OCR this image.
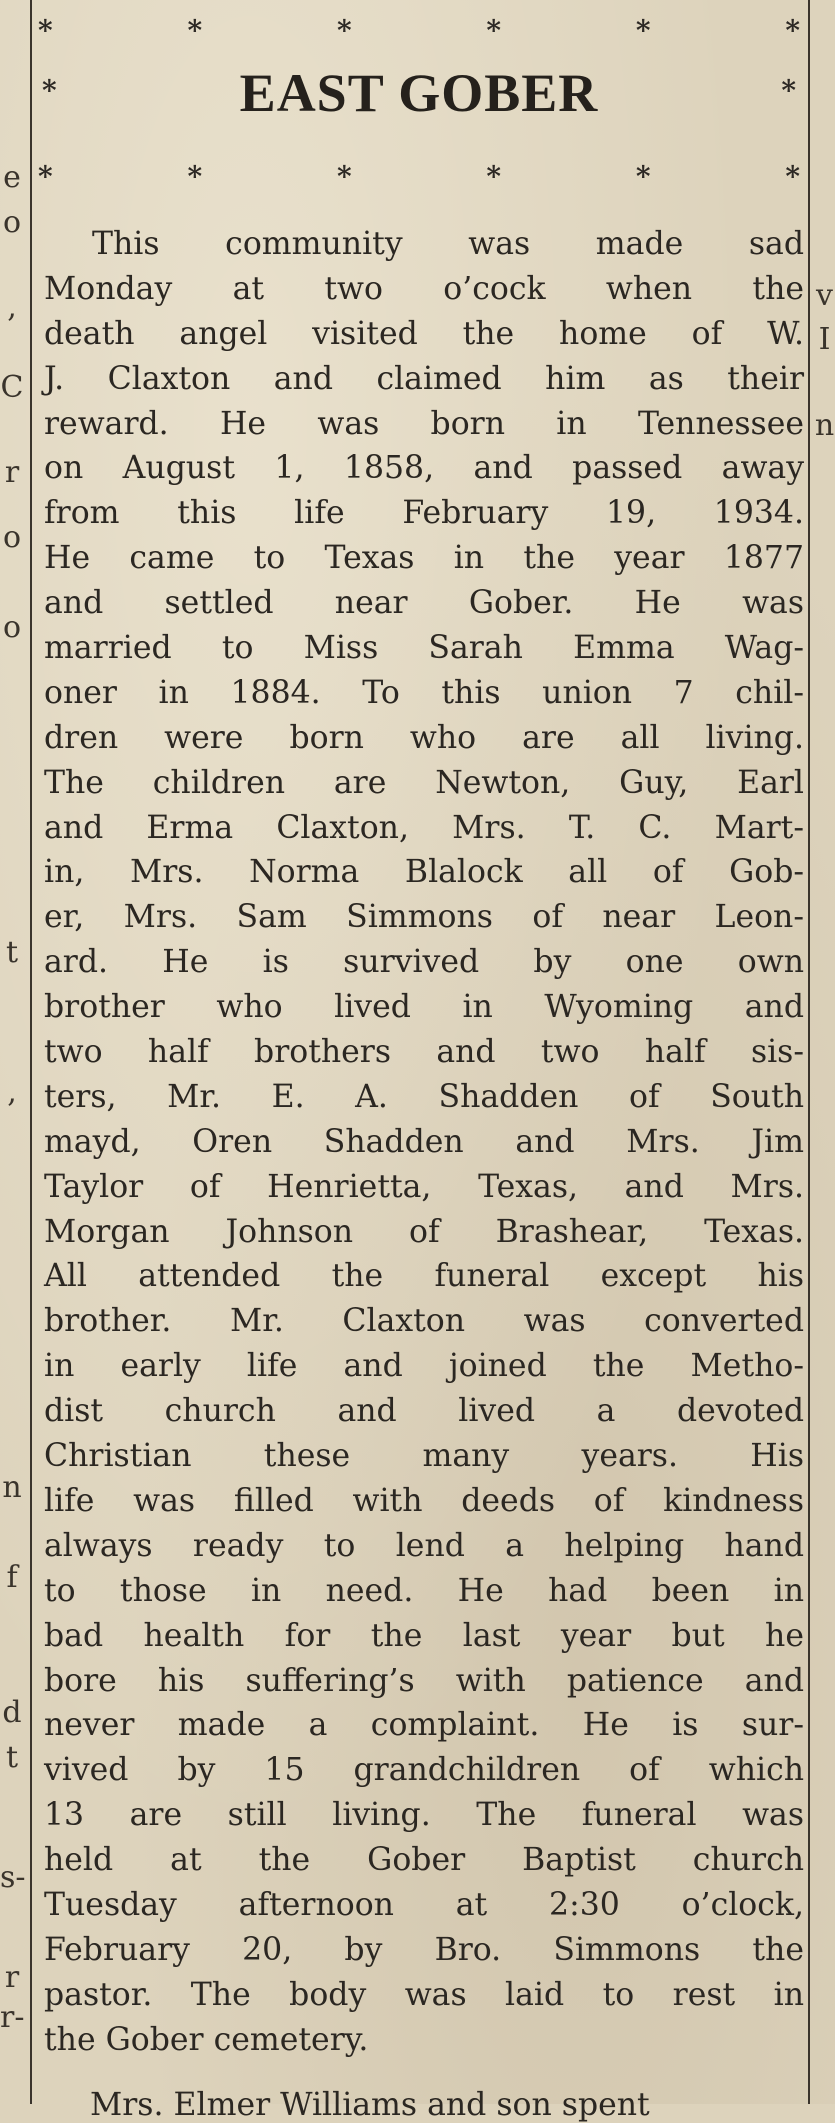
e
o
,
C
r
o
o
t
,
n
f
d
t
s-
r
r-
v
I
n
*	*	*	*	*	*
*	*
EAST GOBER
*	*	*	*	*	*
This community was made sad
Monday at two o’cock when the
death angel visited the home of W.
J. Claxton and claimed him as their
reward. He was born in Tennessee
on August 1, 1858, and passed away
from this life February 19, 1934.
He came to Texas in the year 1877
and settled near Gober. He was
married to Miss Sarah Emma Wag-
oner in 1884. To this union 7 chil-
dren were born who are all living.
The children are Newton, Guy, Earl
and Erma Claxton, Mrs. T. C. Mart-
in, Mrs. Norma Blalock all of Gob-
er, Mrs. Sam Simmons of near Leon-
ard. He is survived by one own
brother who lived in Wyoming and
two half brothers and two half sis-
ters, Mr. E. A. Shadden of South
mayd, Oren Shadden and Mrs. Jim
Taylor of Henrietta, Texas, and Mrs.
Morgan Johnson of Brashear, Texas.
All attended the funeral except his
brother. Mr. Claxton was converted
in early life and joined the Metho-
dist church and lived a devoted
Christian these many years. His
life was filled with deeds of kindness
always ready to lend a helping hand
to those in need. He had been in
bad health for the last year but he
bore his suffering’s with patience and
never made a complaint. He is sur-
vived by 15 grandchildren of which
13 are still living. The funeral was
held at the Gober Baptist church
Tuesday afternoon at 2:30 o’clock,
February 20, by Bro. Simmons the
pastor. The body was laid to rest in
the Gober cemetery.
Mrs. Elmer Williams and son spent
